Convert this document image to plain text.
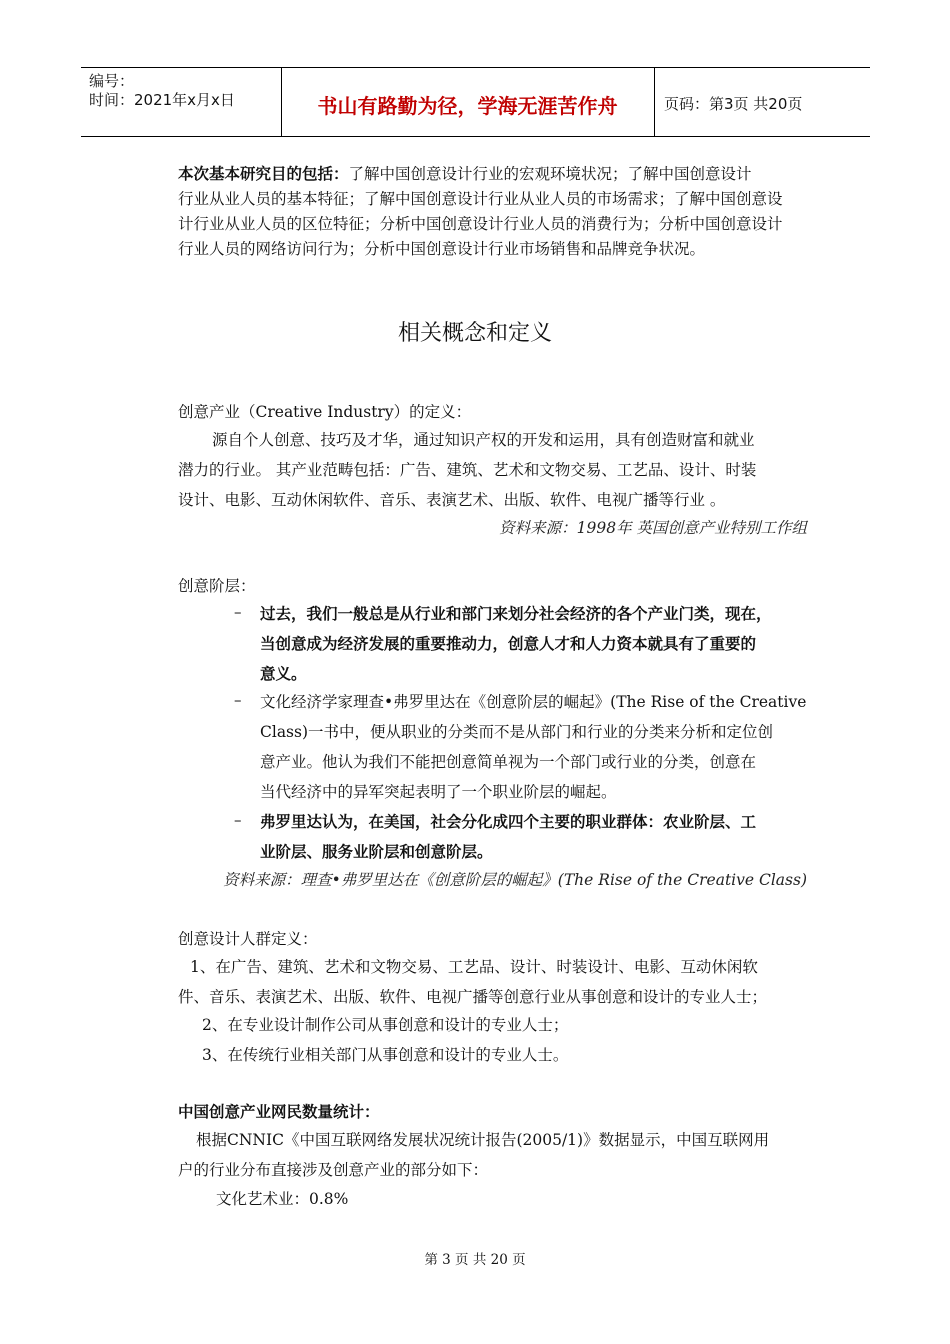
编号：
时间：2021年x月x日	书山有路勤为径，学海无涯苦作舟	页码：第3页 共20页
本次基本研究目的包括：了解中国创意设计行业的宏观环境状况；了解中国创意设计
行业从业人员的基本特征；了解中国创意设计行业从业人员的市场需求；了解中国创意设
计行业从业人员的区位特征；分析中国创意设计行业人员的消费行为；分析中国创意设计
行业人员的网络访问行为；分析中国创意设计行业市场销售和品牌竞争状况。
相关概念和定义
创意产业（Creative Industry）的定义：
源自个人创意、技巧及才华，通过知识产权的开发和运用，具有创造财富和就业
潜力的行业。 其产业范畴包括：广告、建筑、艺术和文物交易、工艺品、设计、时装
设计、电影、互动休闲软件、音乐、表演艺术、出版、软件、电视广播等行业 。
资料来源：1998年 英国创意产业特别工作组
创意阶层：
– 过去，我们一般总是从行业和部门来划分社会经济的各个产业门类，现在，
当创意成为经济发展的重要推动力，创意人才和人力资本就具有了重要的
意义。
– 文化经济学家理查•弗罗里达在《创意阶层的崛起》(The Rise of the Creative
Class)一书中，便从职业的分类而不是从部门和行业的分类来分析和定位创
意产业。他认为我们不能把创意简单视为一个部门或行业的分类，创意在
当代经济中的异军突起表明了一个职业阶层的崛起。
– 弗罗里达认为，在美国，社会分化成四个主要的职业群体：农业阶层、工
业阶层、服务业阶层和创意阶层。
资料来源：理查•弗罗里达在《创意阶层的崛起》(The Rise of the Creative Class)
创意设计人群定义：
1、在广告、建筑、艺术和文物交易、工艺品、设计、时装设计、电影、互动休闲软
件、音乐、表演艺术、出版、软件、电视广播等创意行业从事创意和设计的专业人士；
2、在专业设计制作公司从事创意和设计的专业人士；
3、在传统行业相关部门从事创意和设计的专业人士。
中国创意产业网民数量统计：
根据CNNIC《中国互联网络发展状况统计报告(2005/1)》数据显示，中国互联网用
户的行业分布直接涉及创意产业的部分如下：
文化艺术业：0.8%
第 3 页 共 20 页
